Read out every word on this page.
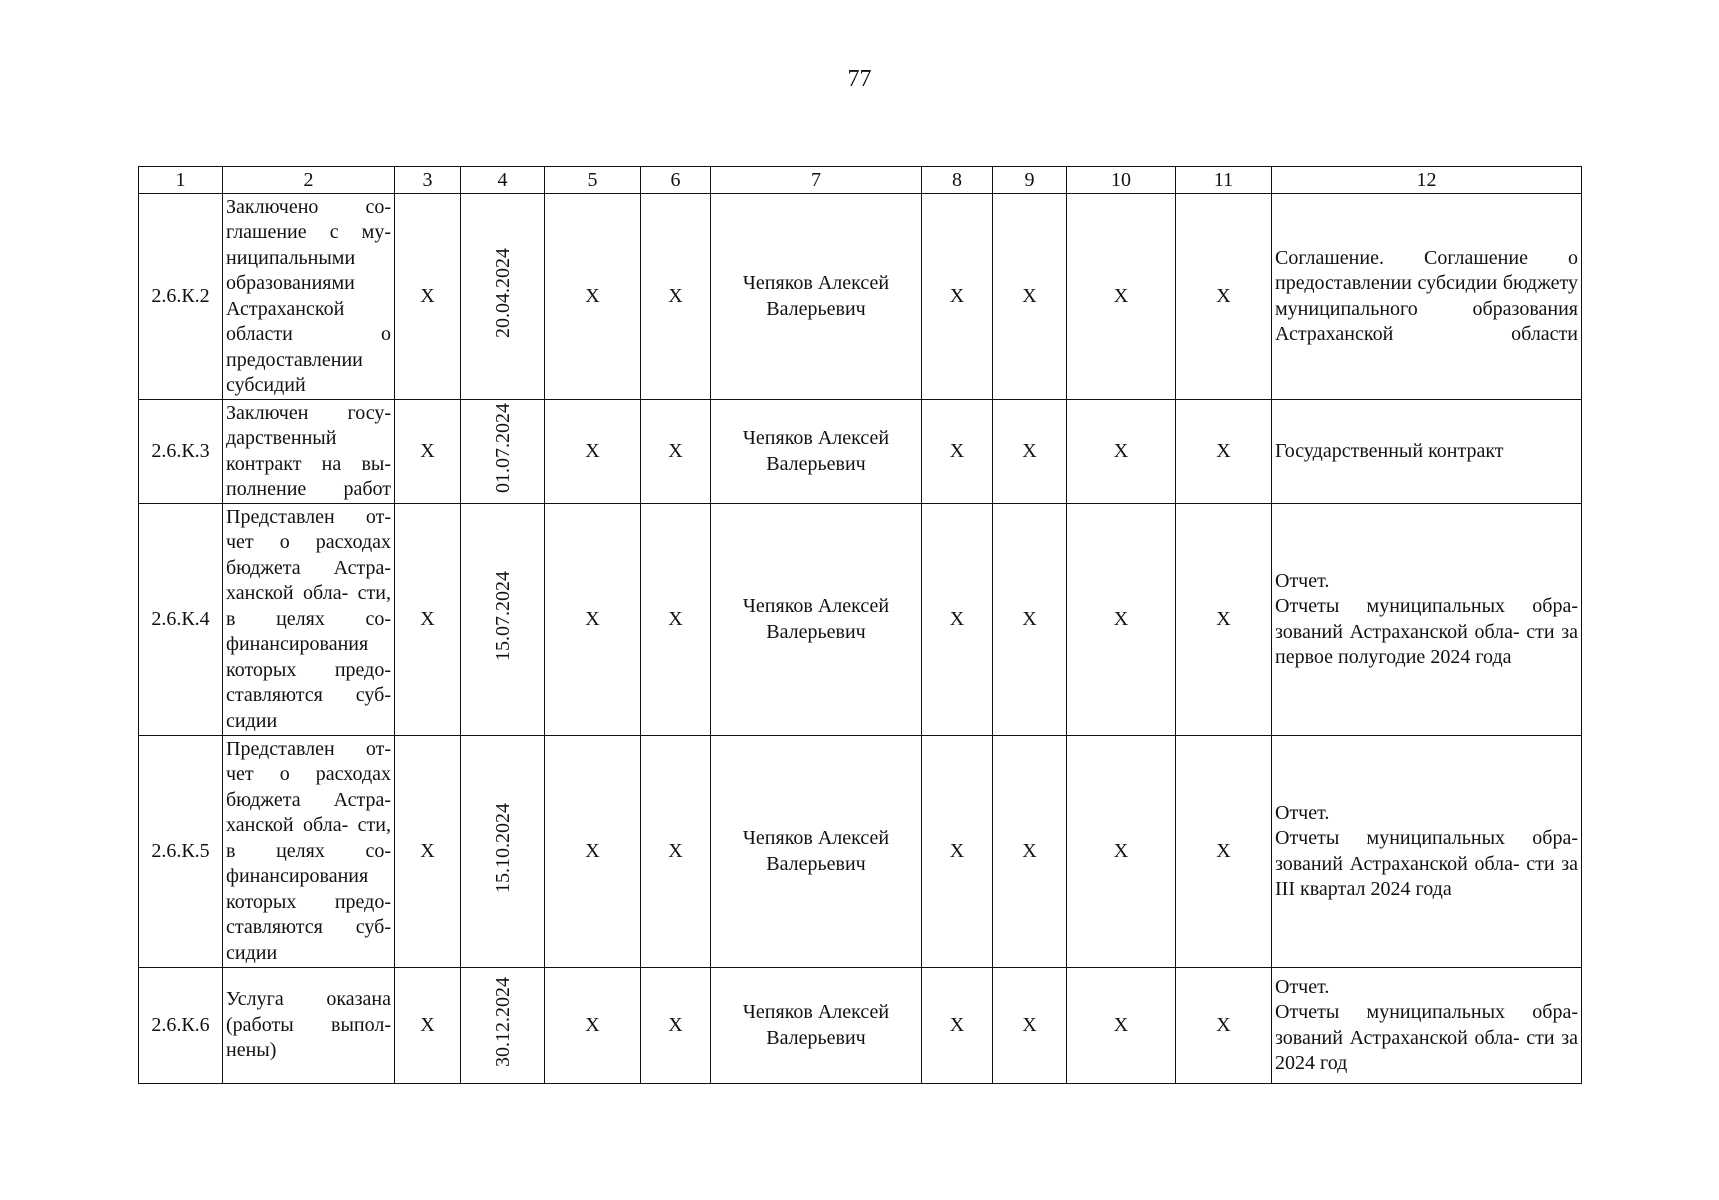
77
1	2	3	4	5	6	7	8	9	10	11	12
2.6.К.2	Заключено со- глашение с му- ниципальными образованиями Астраханской области о предоставлении субсидий	X	20.04.2024	X	X	Чепяков Алексей Валерьевич	X	X	X	X	Соглашение. Соглашение о предоставлении субсидии бюджету муниципального образования Астраханской области

2.6.К.3	Заключен госу- дарственный контракт на вы- полнение работ	X	01.07.2024	X	X	Чепяков Алексей Валерьевич	X	X	X	X	Государственный контракт

2.6.К.4	Представлен от- чет о расходах бюджета Астра- ханской обла- сти, в целях со- финансирования которых предо- ставляются суб- сидии	X	15.07.2024	X	X	Чепяков Алексей Валерьевич	X	X	X	X	Отчет.
Отчеты муниципальных обра- зований Астраханской обла- сти за первое полугодие 2024 года

2.6.К.5	Представлен от- чет о расходах бюджета Астра- ханской обла- сти, в целях со- финансирования которых предо- ставляются суб- сидии	X	15.10.2024	X	X	Чепяков Алексей Валерьевич	X	X	X	X	Отчет.
Отчеты муниципальных обра- зований Астраханской обла- сти за III квартал 2024 года

2.6.К.6	Услуга оказана (работы выпол- нены)	X	30.12.2024	X	X	Чепяков Алексей Валерьевич	X	X	X	X	Отчет.
Отчеты муниципальных обра- зований Астраханской обла- сти за 2024 год
